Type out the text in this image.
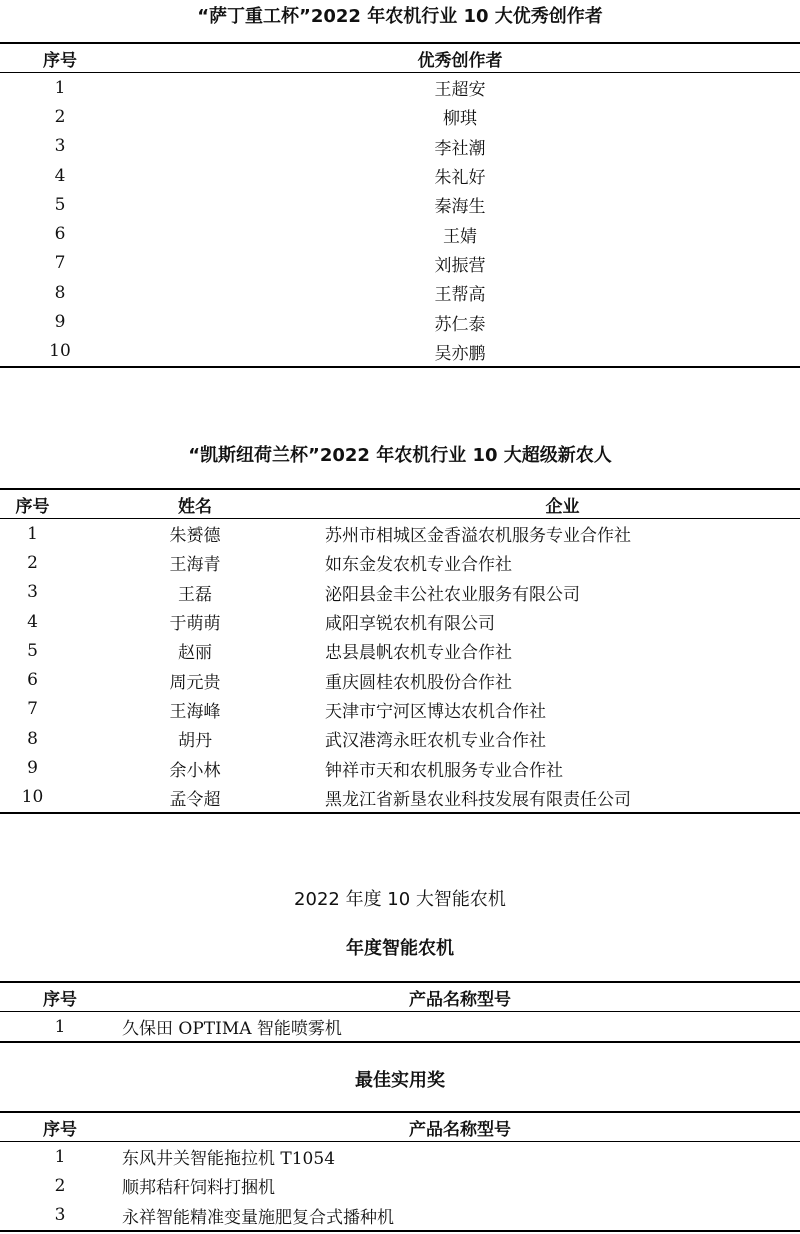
“萨丁重工杯”2022 年农机行业 10 大优秀创作者
序号	优秀创作者
1	王超安
2	柳琪
3	李社潮
4	朱礼好
5	秦海生
6	王婧
7	刘振营
8	王帮高
9	苏仁泰
10	吴亦鹏
“凯斯纽荷兰杯”2022 年农机行业 10 大超级新农人
序号	姓名	企业
1	朱赟德	苏州市相城区金香溢农机服务专业合作社
2	王海青	如东金发农机专业合作社
3	王磊	泌阳县金丰公社农业服务有限公司
4	于萌萌	咸阳享锐农机有限公司
5	赵丽	忠县晨帆农机专业合作社
6	周元贵	重庆圆桂农机股份合作社
7	王海峰	天津市宁河区博达农机合作社
8	胡丹	武汉港湾永旺农机专业合作社
9	余小林	钟祥市天和农机服务专业合作社
10	孟令超	黑龙江省新垦农业科技发展有限责任公司
2022 年度 10 大智能农机
年度智能农机
序号	产品名称型号
1	久保田 OPTIMA 智能喷雾机
最佳实用奖
序号	产品名称型号
1	东风井关智能拖拉机 T1054
2	顺邦秸秆饲料打捆机
3	永祥智能精准变量施肥复合式播种机
